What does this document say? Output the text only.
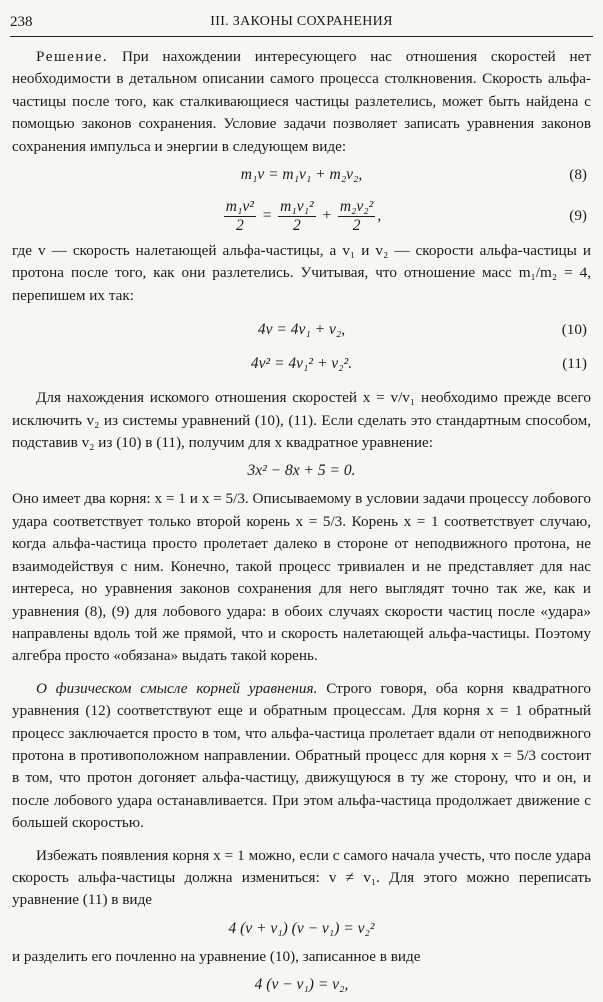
238	III. ЗАКОНЫ СОХРАНЕНИЯ

Решение. При нахождении интересующего нас отношения скоростей нет необходимости в детальном описании самого процесса столкновения. Скорость альфа-частицы после того, как сталкивающиеся частицы разлетелись, может быть найдена с помощью законов сохранения. Условие задачи позволяет записать уравнения законов сохранения импульса и энергии в следующем виде:

m₁v = m₁v₁ + m₂v₂,	(8)
$\frac{\text{m₁v²}}{2} = \frac{\text{m₁v₁²}}{2} + \frac{\text{m₂v₂²}}{2}$ ,	(9)

где v — скорость налетающей альфа-частицы, а v₁ и v₂ — скорости альфа-частицы и протона после того, как они разлетелись. Учитывая, что отношение масс m₁/m₂ = 4, перепишем их так:

4v = 4v₁ + v₂,	(10)
4v² = 4v₁² + v₂².	(11)

Для нахождения искомого отношения скоростей x = v/v₁ необходимо прежде всего исключить v₂ из системы уравнений (10), (11). Если сделать это стандартным способом, подставив v₂ из (10) в (11), получим для x квадратное уравнение:

3x² − 8x + 5 = 0.

Оно имеет два корня: x = 1 и x = 5/3. Описываемому в условии задачи процессу лобового удара соответствует только второй корень x = 5/3. Корень x = 1 соответствует случаю, когда альфа-частица просто пролетает далеко в стороне от неподвижного протона, не взаимодействуя с ним. Конечно, такой процесс тривиален и не представляет для нас интереса, но уравнения законов сохранения для него выглядят точно так же, как и уравнения (8), (9) для лобового удара: в обоих случаях скорости частиц после «удара» направлены вдоль той же прямой, что и скорость налетающей альфа-частицы. Поэтому алгебра просто «обязана» выдать такой корень.

О физическом смысле корней уравнения. Строго говоря, оба корня квадратного уравнения (12) соответствуют еще и обратным процессам. Для корня x = 1 обратный процесс заключается просто в том, что альфа-частица пролетает вдали от неподвижного протона в противоположном направлении. Обратный процесс для корня x = 5/3 состоит в том, что протон догоняет альфа-частицу, движущуюся в ту же сторону, что и он, и после лобового удара останавливается. При этом альфа-частица продолжает движение с большей скоростью.

Избежать появления корня x = 1 можно, если с самого начала учесть, что после удара скорость альфа-частицы должна измениться: v ≠ v₁. Для этого можно переписать уравнение (11) в виде

4 (v + v₁) (v − v₁) = v₂²

и разделить его почленно на уравнение (10), записанное в виде

4 (v − v₁) = v₂,
